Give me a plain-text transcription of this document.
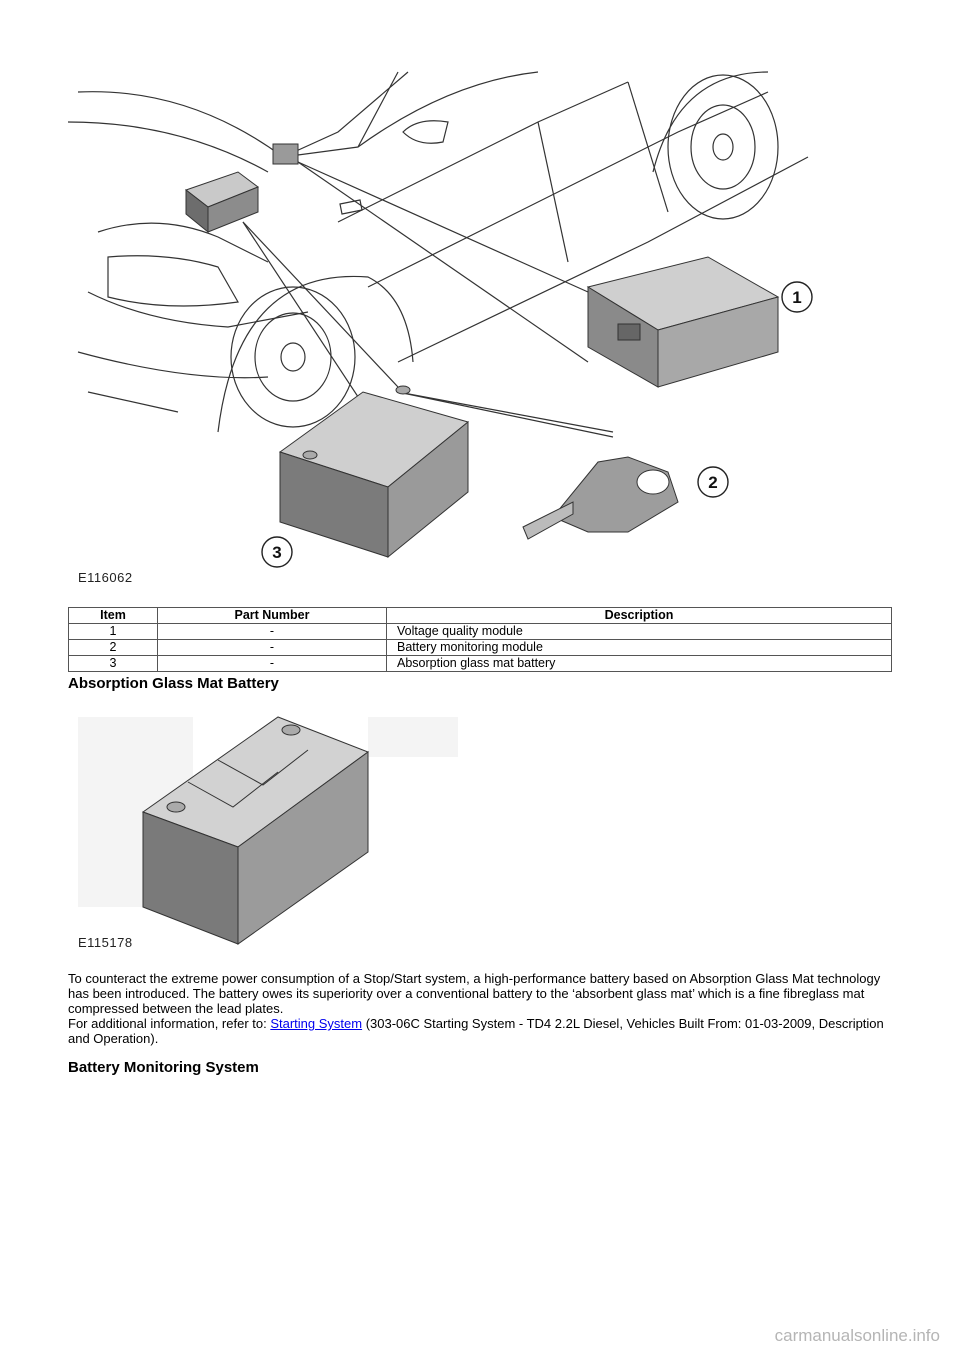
1
2
3
E116062
Item	Part Number	Description
1	-	Voltage quality module
2	-	Battery monitoring module
3	-	Absorption glass mat battery
Absorption Glass Mat Battery
E115178

To counteract the extreme power consumption of a Stop/Start system, a high-performance battery based on Absorption Glass Mat technology has been introduced. The battery owes its superiority over a conventional battery to the ‘absorbent glass mat’ which is a fine fibreglass mat compressed between the lead plates.
For additional information, refer to: Starting System (303-06C Starting System - TD4 2.2L Diesel, Vehicles Built From: 01-03-2009, Description and Operation).

Battery Monitoring System
carmanualsonline.info
